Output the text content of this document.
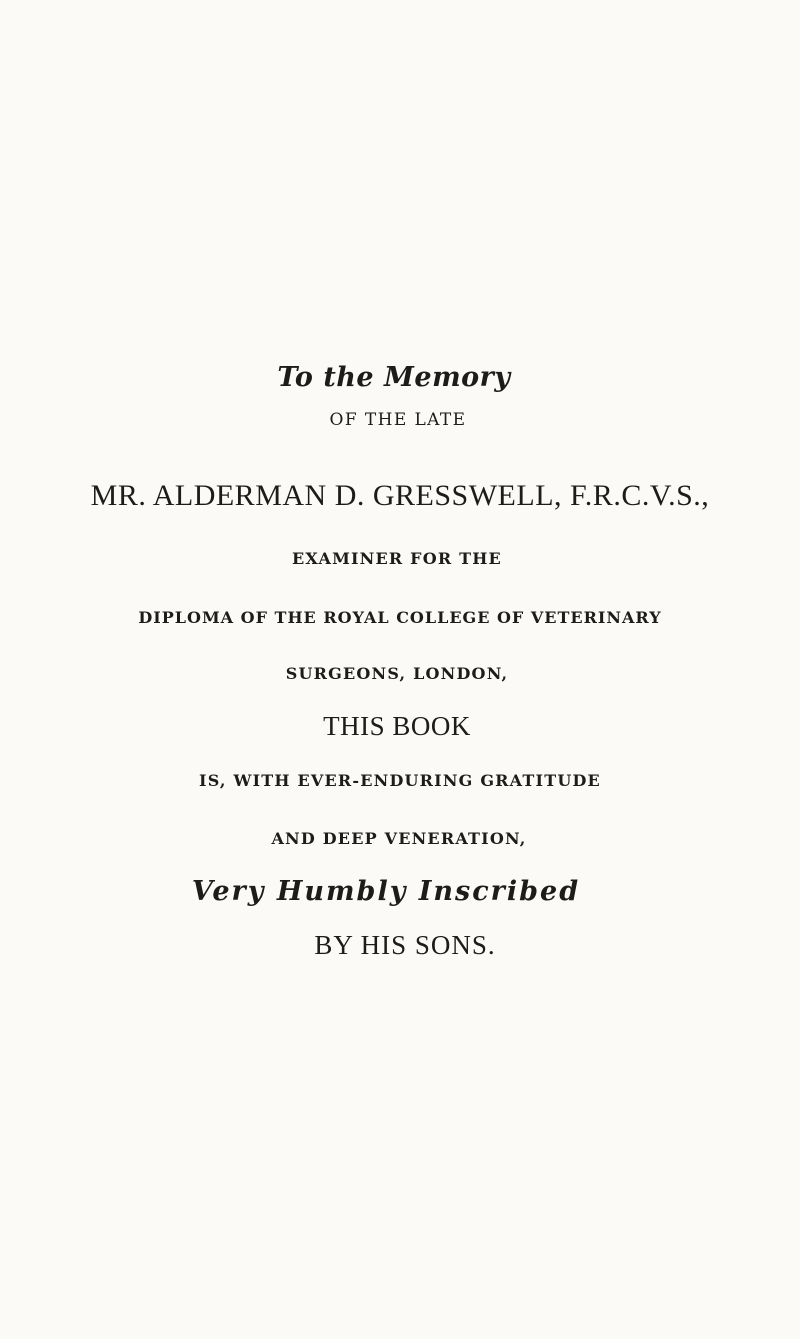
To the Memory
OF THE LATE
MR. ALDERMAN D. GRESSWELL, F.R.C.V.S.,
EXAMINER FOR THE
DIPLOMA OF THE ROYAL COLLEGE OF VETERINARY
SURGEONS, LONDON,
THIS BOOK
IS, WITH EVER-ENDURING GRATITUDE
AND DEEP VENERATION,
Very Humbly Inscribed
BY HIS SONS.
